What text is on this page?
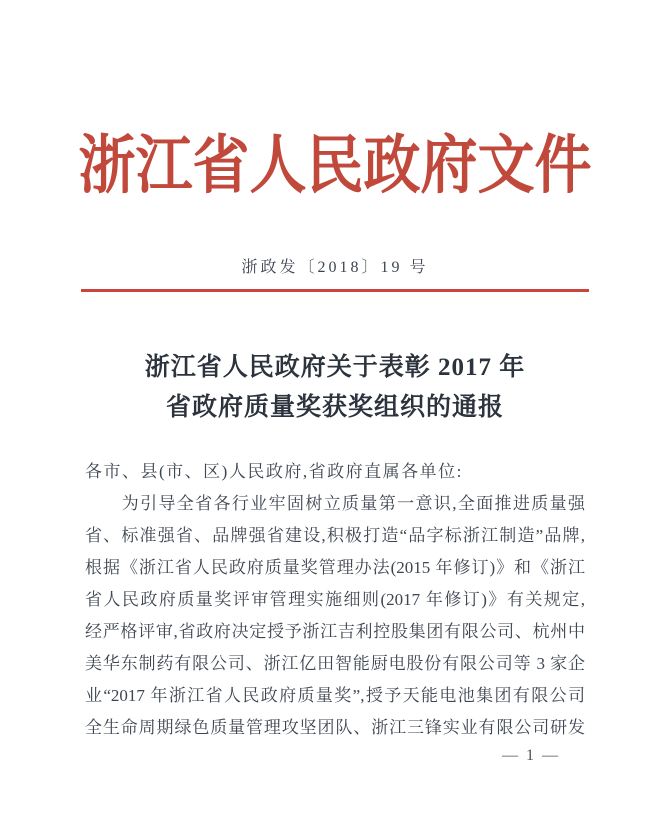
浙江省人民政府文件
浙政发〔2018〕19 号
浙江省人民政府关于表彰 2017 年
省政府质量奖获奖组织的通报
各市、县(市、区)人民政府,省政府直属各单位:
　　为引导全省各行业牢固树立质量第一意识,全面推进质量强
省、标准强省、品牌强省建设,积极打造“品字标浙江制造”品牌,
根据《浙江省人民政府质量奖管理办法(2015 年修订)》和《浙江
省人民政府质量奖评审管理实施细则(2017 年修订)》有关规定,
经严格评审,省政府决定授予浙江吉利控股集团有限公司、杭州中
美华东制药有限公司、浙江亿田智能厨电股份有限公司等 3 家企
业“2017 年浙江省人民政府质量奖”,授予天能电池集团有限公司
全生命周期绿色质量管理攻坚团队、浙江三锋实业有限公司研发
— 1 —
